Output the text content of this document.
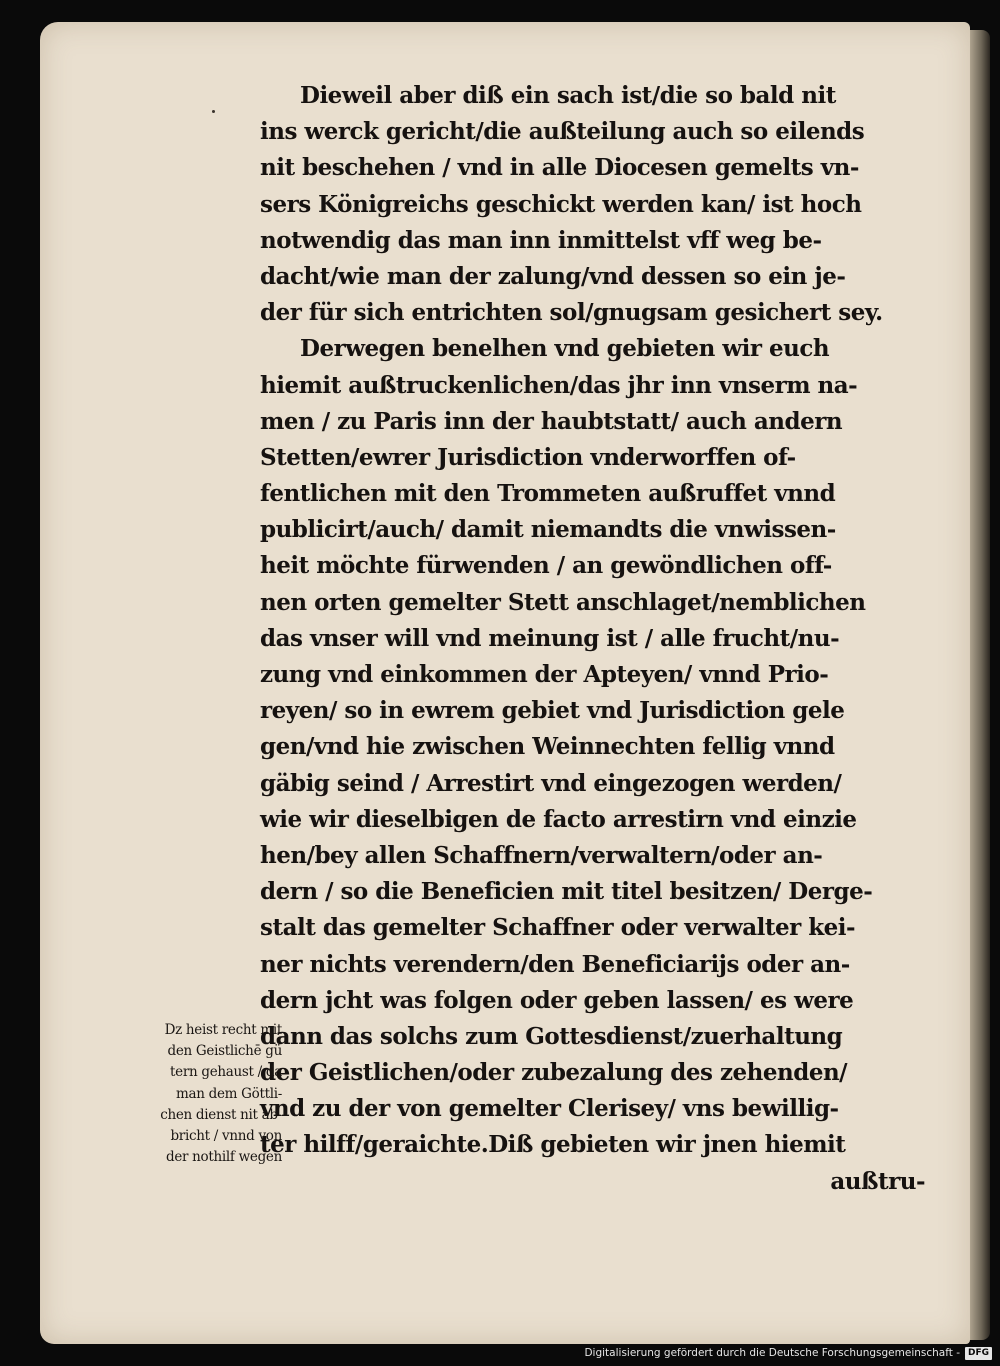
Dieweil aber diß ein sach ist/die so bald nit
ins werck gericht/die außteilung auch so eilends
nit beschehen / vnd in alle Diocesen gemelts vn-
sers Königreichs geschickt werden kan/ ist hoch
notwendig das man inn inmittelst vff weg be-
dacht/wie man der zalung/vnd dessen so ein je-
der für sich entrichten sol/gnugsam gesichert sey.
Derwegen benelhen vnd gebieten wir euch
hiemit außtruckenlichen/das jhr inn vnserm na-
men / zu Paris inn der haubtstatt/ auch andern
Stetten/ewrer Jurisdiction vnderworffen of-
fentlichen mit den Trommeten außruffet vnnd
publicirt/auch/ damit niemandts die vnwissen-
heit möchte fürwenden / an gewöndlichen off-
nen orten gemelter Stett anschlaget/nemblichen
das vnser will vnd meinung ist / alle frucht/nu-
zung vnd einkommen der Apteyen/ vnnd Prio-
reyen/ so in ewrem gebiet vnd Jurisdiction gele
gen/vnd hie zwischen Weinnechten fellig vnnd
gäbig seind / Arrestirt vnd eingezogen werden/
wie wir dieselbigen de facto arrestirn vnd einzie
hen/bey allen Schaffnern/verwaltern/oder an-
dern / so die Beneficien mit titel besitzen/ Derge-
stalt das gemelter Schaffner oder verwalter kei-
ner nichts verendern/den Beneficiarijs oder an-
dern jcht was folgen oder geben lassen/ es were
dann das solchs zum Gottesdienst/zuerhaltung
der Geistlichen/oder zubezalung des zehenden/
vnd zu der von gemelter Clerisey/ vns bewillig-
ter hilff/geraichte.Diß gebieten wir jnen hiemit
außtru-
Dz heist recht mit
den Geistlichē gü
tern gehaust / da
man dem Göttli-
chen dienst nit ab-
bricht / vnnd von
der nothilf wegen
Digitalisierung gefördert durch die Deutsche Forschungsgemeinschaft - DFG
